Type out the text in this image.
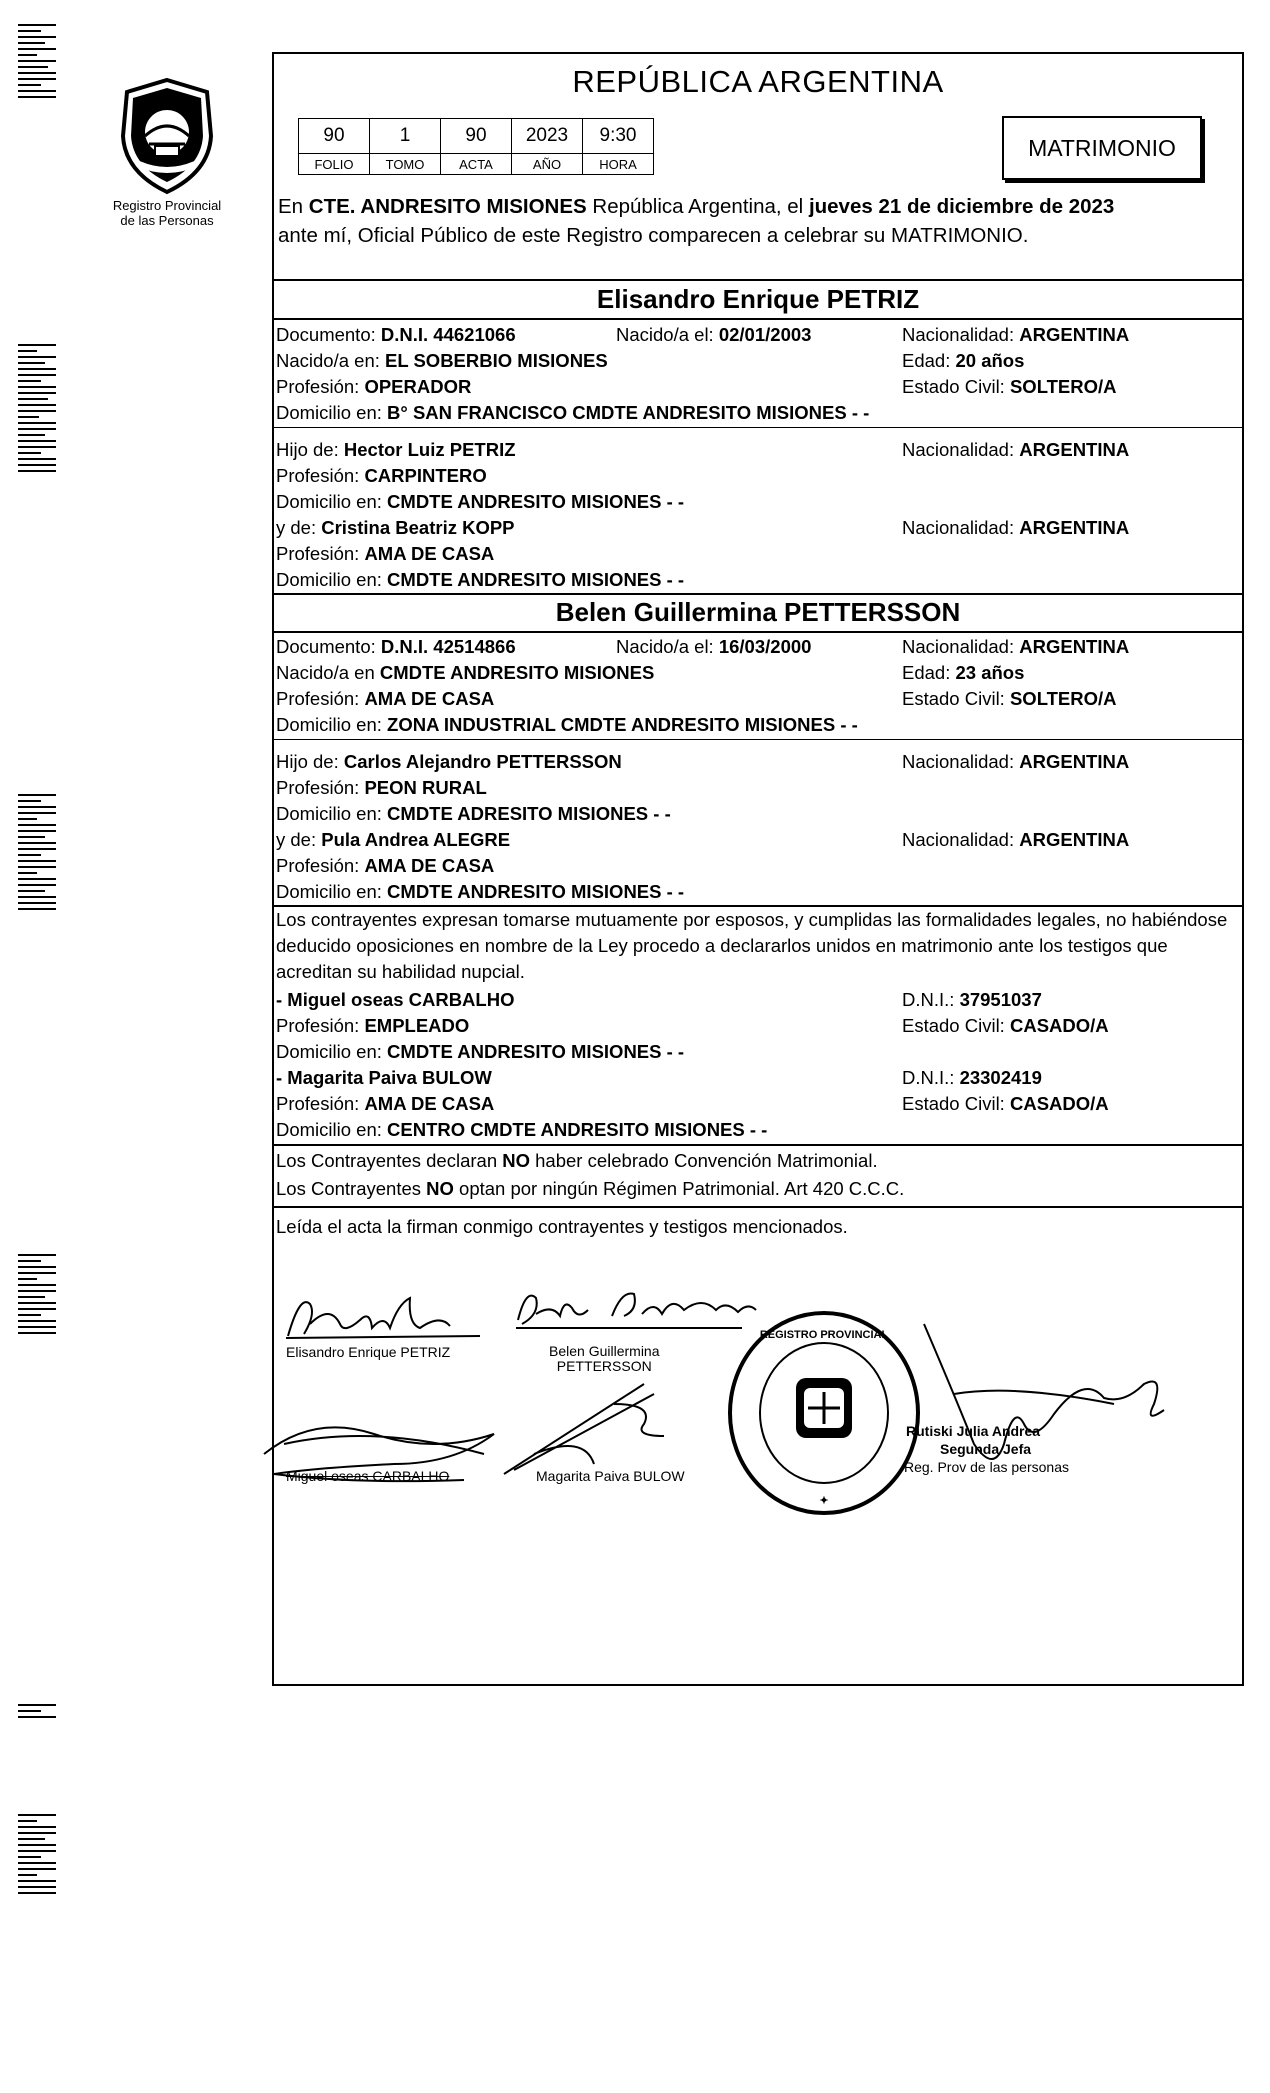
Registro Provincial
de las Personas
REPÚBLICA ARGENTINA
90	1	90	2023	9:30
FOLIO	TOMO	ACTA	AÑO	HORA
MATRIMONIO
En CTE. ANDRESITO MISIONES República Argentina, el jueves 21 de diciembre de 2023
ante mí, Oficial Público de este Registro comparecen a celebrar su MATRIMONIO.
Elisandro Enrique PETRIZ
Documento: D.N.I. 44621066	Nacido/a el: 02/01/2003	Nacionalidad: ARGENTINA
Nacido/a en: EL SOBERBIO MISIONES	Edad: 20 años
Profesión: OPERADOR	Estado Civil: SOLTERO/A
Domicilio en: B° SAN FRANCISCO CMDTE ANDRESITO MISIONES - -
Hijo de: Hector Luiz PETRIZ	Nacionalidad: ARGENTINA
Profesión: CARPINTERO
Domicilio en: CMDTE ANDRESITO MISIONES - -
y de: Cristina Beatriz KOPP	Nacionalidad: ARGENTINA
Profesión: AMA DE CASA
Domicilio en: CMDTE ANDRESITO MISIONES - -
Belen Guillermina PETTERSSON
Documento: D.N.I. 42514866	Nacido/a el: 16/03/2000	Nacionalidad: ARGENTINA
Nacido/a en CMDTE ANDRESITO MISIONES	Edad: 23 años
Profesión: AMA DE CASA	Estado Civil: SOLTERO/A
Domicilio en: ZONA INDUSTRIAL CMDTE ANDRESITO MISIONES - -
Hijo de: Carlos Alejandro PETTERSSON	Nacionalidad: ARGENTINA
Profesión: PEON RURAL
Domicilio en: CMDTE ADRESITO MISIONES - -
y de: Pula Andrea ALEGRE	Nacionalidad: ARGENTINA
Profesión: AMA DE CASA
Domicilio en: CMDTE ANDRESITO MISIONES - -
Los contrayentes expresan tomarse mutuamente por esposos, y cumplidas las formalidades legales, no habiéndose deducido oposiciones en nombre de la Ley procedo a declararlos unidos en matrimonio ante los testigos que acreditan su habilidad nupcial.
- Miguel oseas CARBALHO	D.N.I.: 37951037
Profesión: EMPLEADO	Estado Civil: CASADO/A
Domicilio en: CMDTE ANDRESITO MISIONES - -
- Magarita Paiva BULOW	D.N.I.: 23302419
Profesión: AMA DE CASA	Estado Civil: CASADO/A
Domicilio en: CENTRO CMDTE ANDRESITO MISIONES - -
Los Contrayentes declaran NO haber celebrado Convención Matrimonial.
Los Contrayentes NO optan por ningún Régimen Patrimonial. Art 420 C.C.C.
Leída el acta la firman conmigo contrayentes y testigos mencionados.
Elisandro Enrique PETRIZ	Belen Guillermina
PETTERSSON
Miguel oseas CARBALHO	Magarita Paiva BULOW
REGISTRO PROVINCIAL
✦
Rutiski Julia Andrea
Segunda Jefa
Reg. Prov de las personas
